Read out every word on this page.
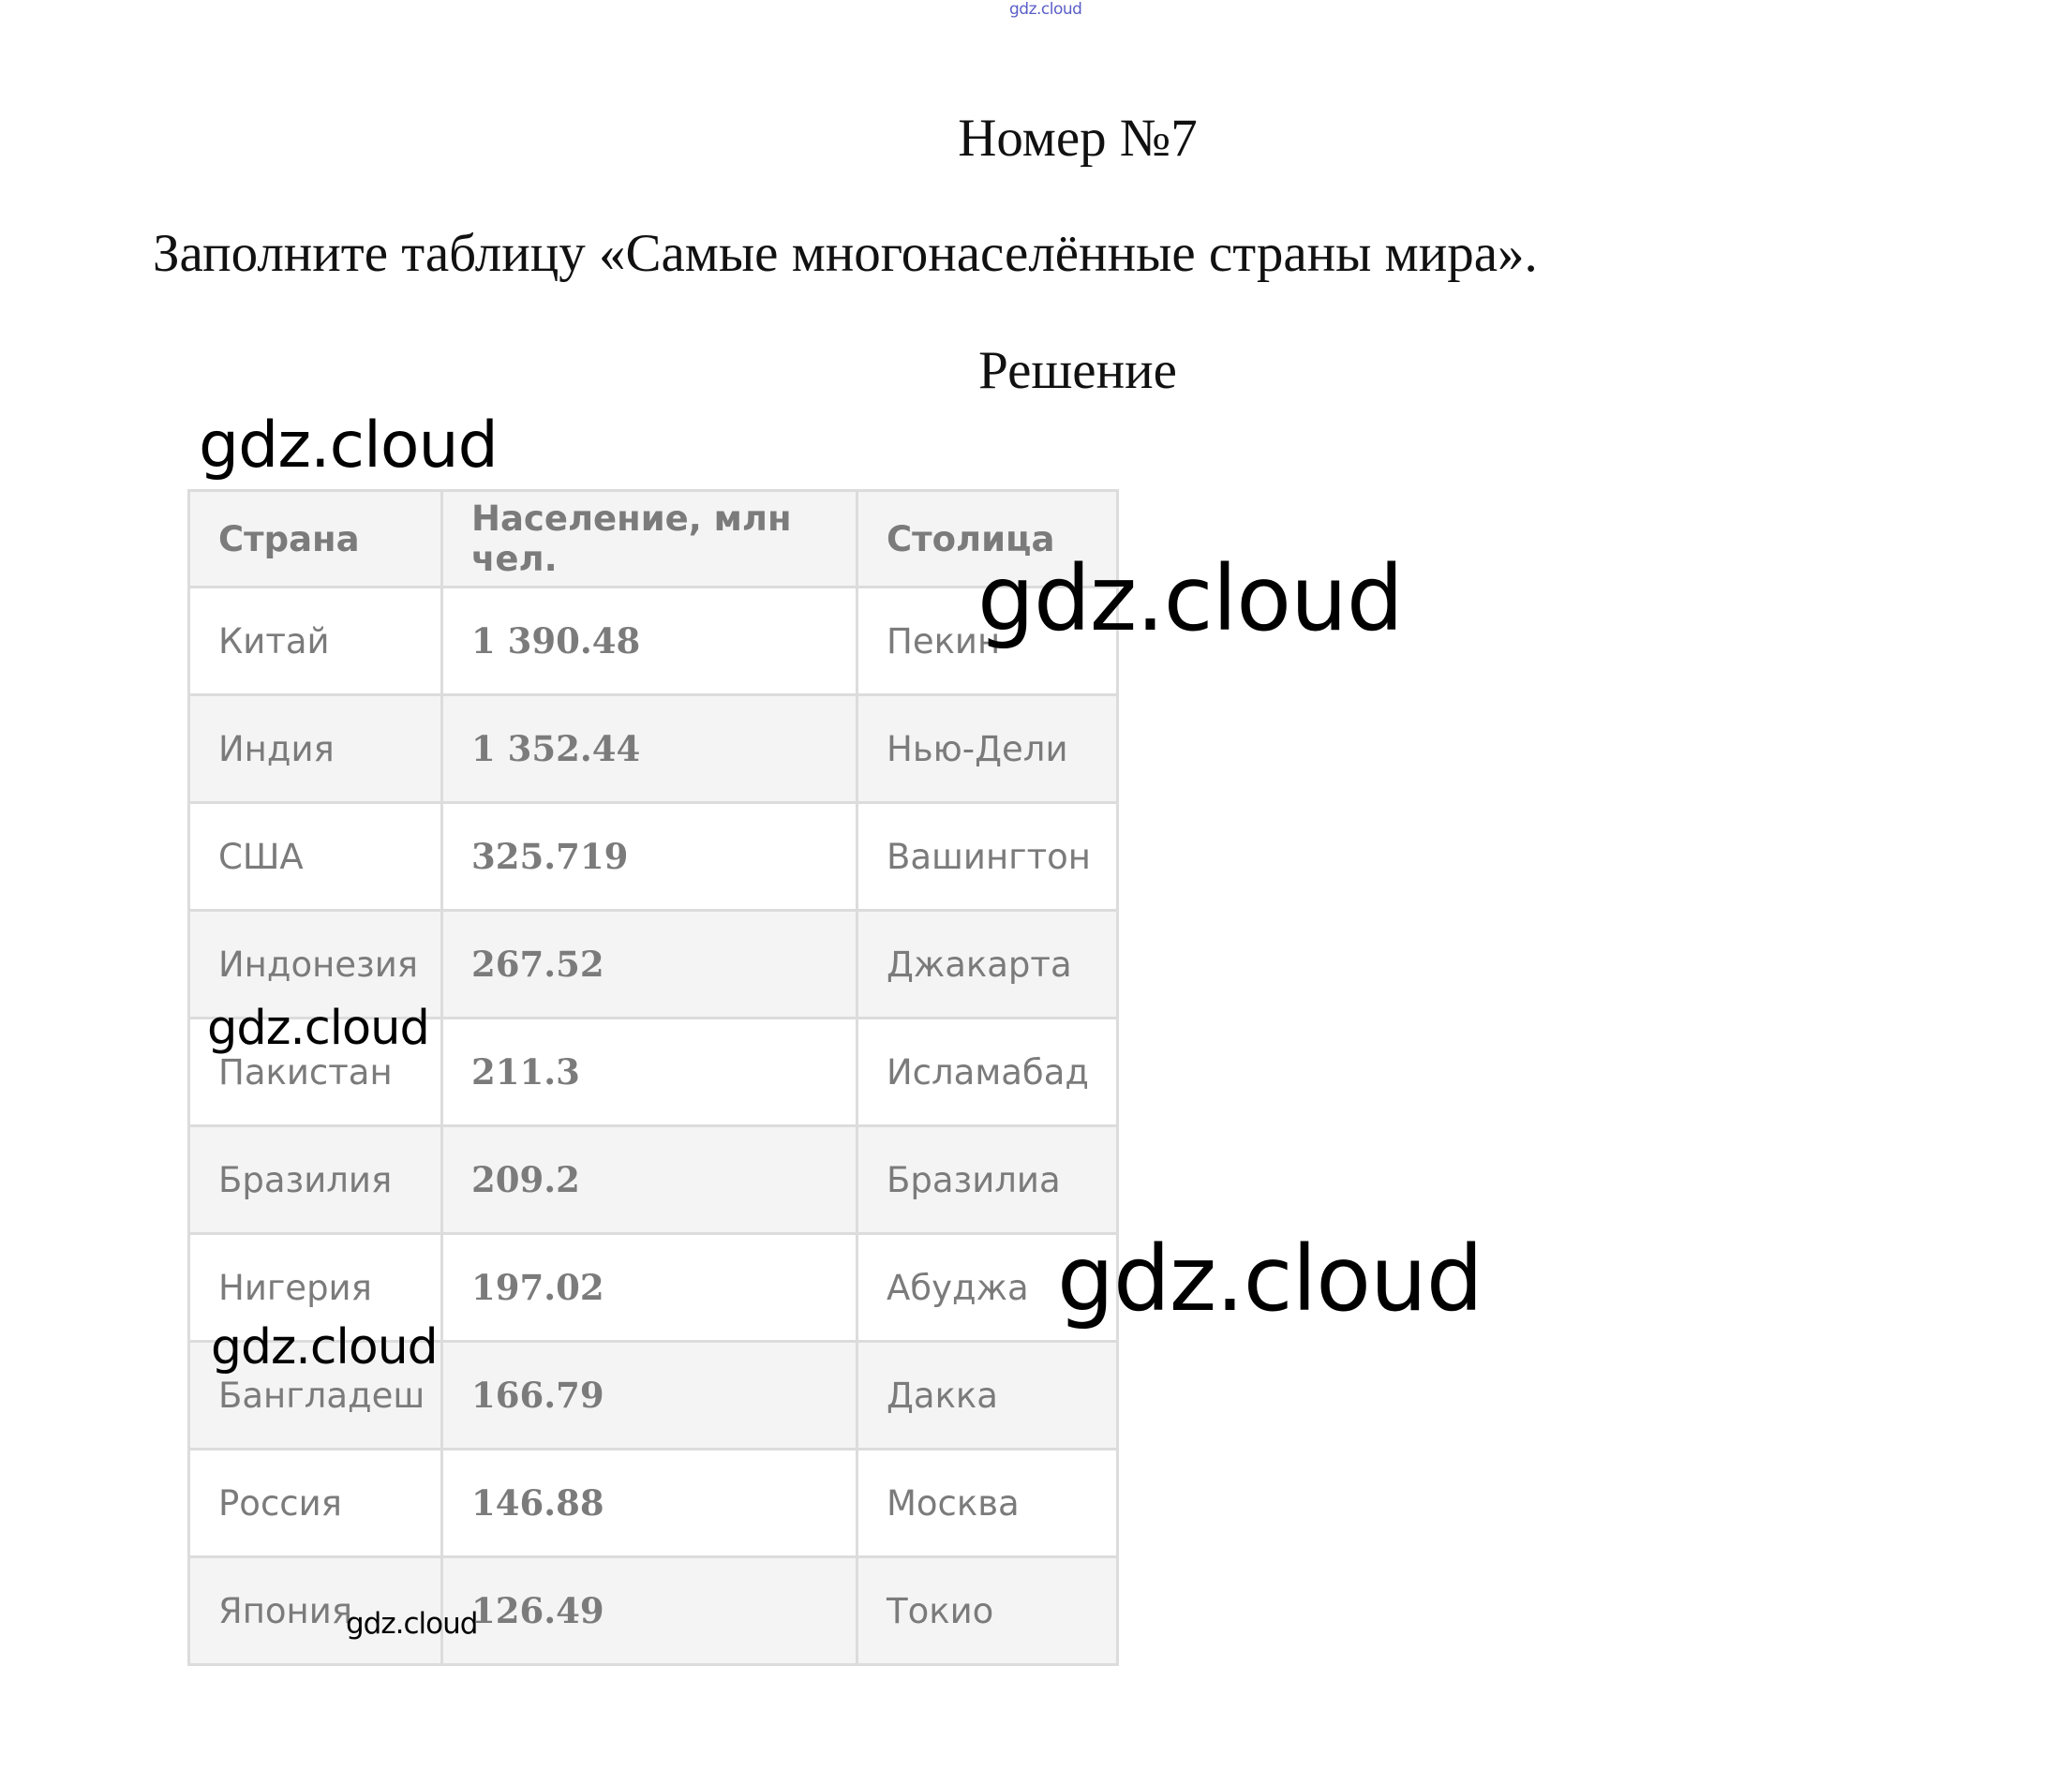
gdz.cloud
Номер №7
Заполните таблицу «Самые многонаселённые страны мира».
Решение
Страна	Население, млн чел.	Столица
Китай	1 390.48	Пекин
Индия	1 352.44	Нью-Дели
США	325.719	Вашингтон
Индонезия	267.52	Джакарта
Пакистан	211.3	Исламабад
Бразилия	209.2	Бразилиа
Нигерия	197.02	Абуджа
Бангладеш	166.79	Дакка
Россия	146.88	Москва
Япония	126.49	Токио
gdz.cloud
gdz.cloud
gdz.cloud
gdz.cloud
gdz.cloud
gdz.cloud
